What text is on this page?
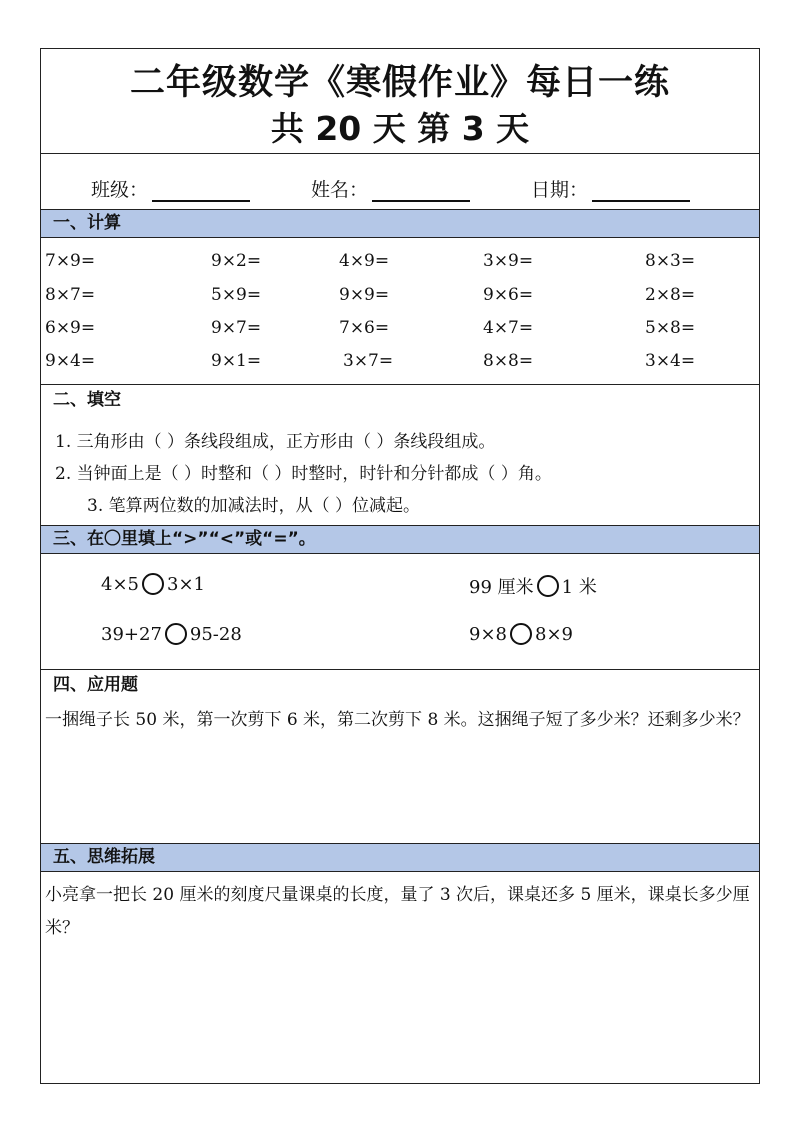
二年级数学《寒假作业》每日一练
共 20 天 第 3 天
班级：	姓名：	日期：
一、计算
7×9=	9×2=	4×9=	3×9=	8×3=
8×7=	5×9=	9×9=	9×6=	2×8=
6×9=	9×7=	7×6=	4×7=	5×8=
9×4=	9×1=	3×7=	8×8=	3×4=
二、填空
1. 三角形由（ ）条线段组成，正方形由（ ）条线段组成。
2. 当钟面上是（ ）时整和（ ）时整时，时针和分针都成（ ）角。
3. 笔算两位数的加减法时，从（ ）位减起。
三、在〇里填上“>”“<”或“=”。
4×5 3×1	99 厘米 1 米
39+27 95-28	9×8 8×9
四、应用题
一捆绳子长 50 米，第一次剪下 6 米，第二次剪下 8 米。这捆绳子短了多少米？还剩多少米？
五、思维拓展
小亮拿一把长 20 厘米的刻度尺量课桌的长度，量了 3 次后，课桌还多 5 厘米，课桌长多少厘米？
